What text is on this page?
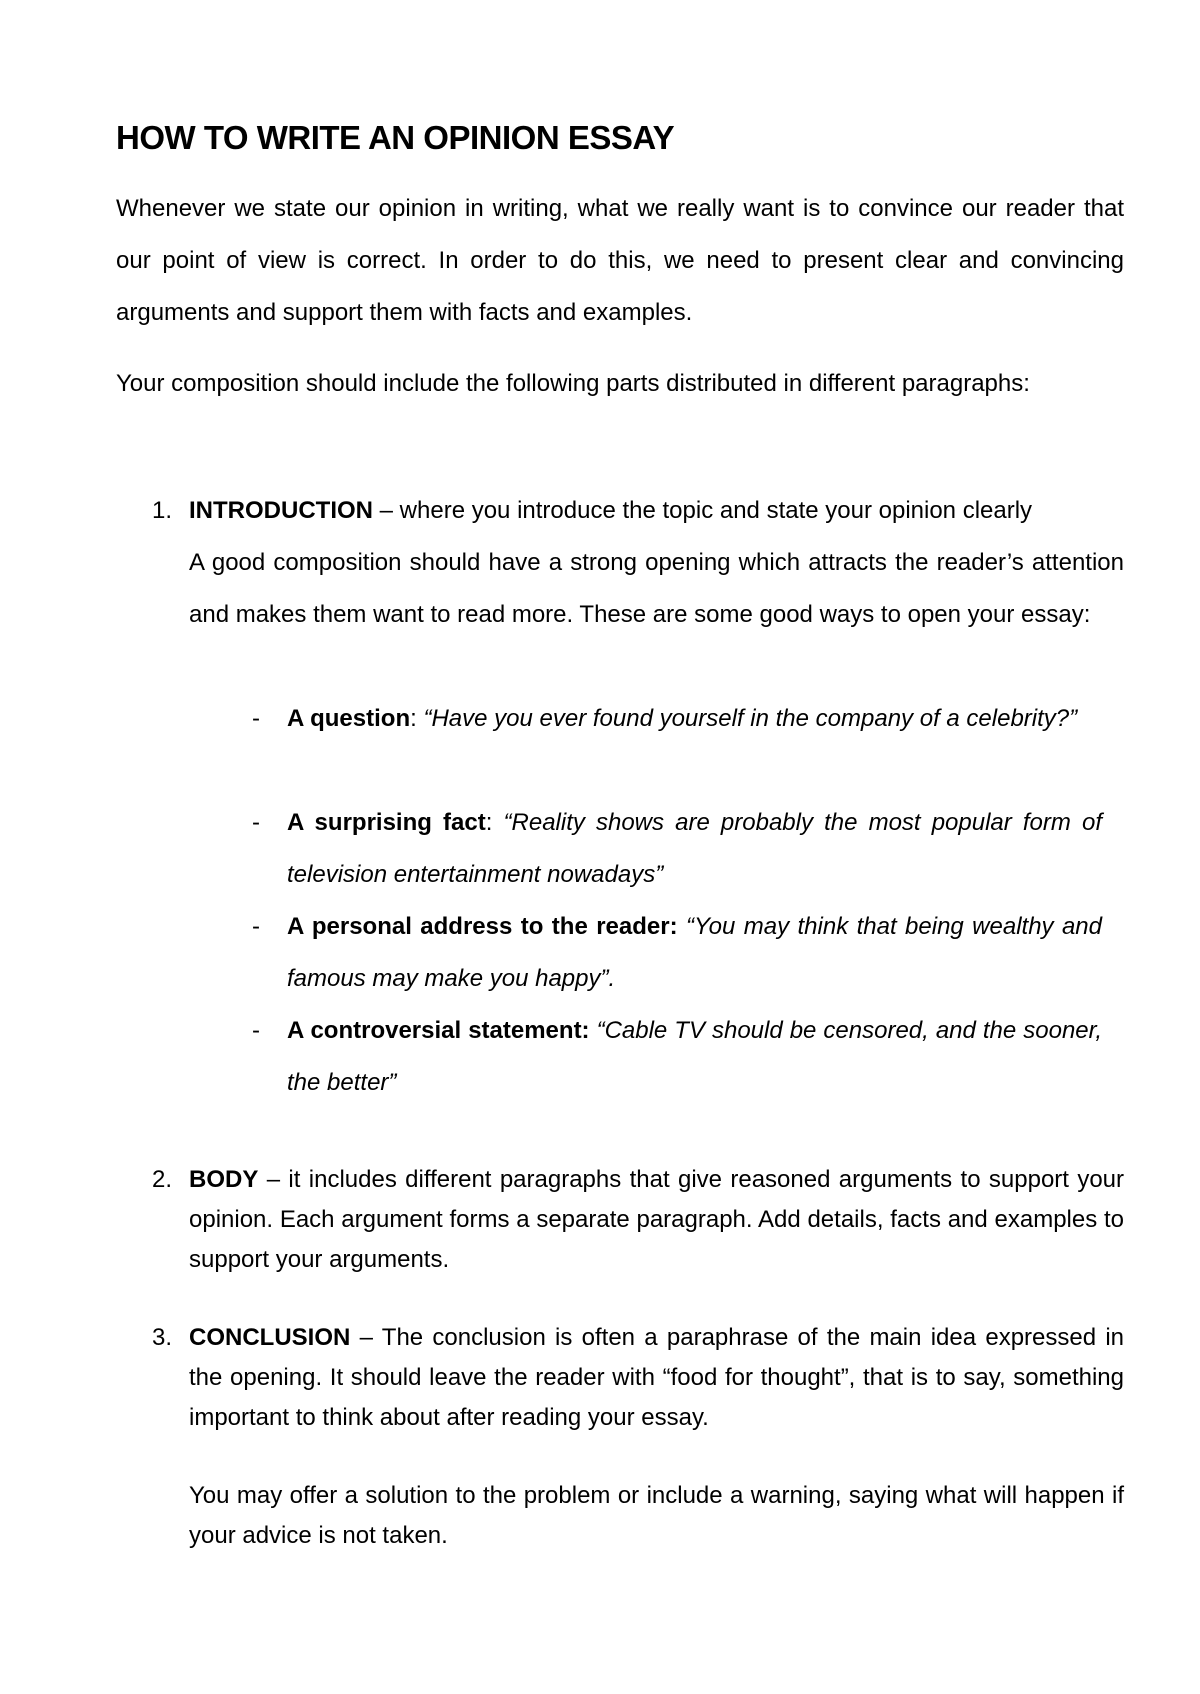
HOW TO WRITE AN OPINION ESSAY

Whenever we state our opinion in writing, what we really want is to convince our reader that our point of view is correct. In order to do this, we need to present clear and convincing arguments and support them with facts and examples.

Your composition should include the following parts distributed in different paragraphs:

1. INTRODUCTION – where you introduce the topic and state your opinion clearly
A good composition should have a strong opening which attracts the reader’s attention and makes them want to read more. These are some good ways to open your essay:
- A question: “Have you ever found yourself in the company of a celebrity?”

- A surprising fact: “Reality shows are probably the most popular form of television entertainment nowadays”

- A personal address to the reader: “You may think that being wealthy and famous may make you happy”.

- A controversial statement: “Cable TV should be censored, and the sooner, the better”

2. BODY – it includes different paragraphs that give reasoned arguments to support your opinion. Each argument forms a separate paragraph. Add details, facts and examples to support your arguments.
3. CONCLUSION – The conclusion is often a paraphrase of the main idea expressed in the opening. It should leave the reader with “food for thought”, that is to say, something important to think about after reading your essay.

You may offer a solution to the problem or include a warning, saying what will happen if your advice is not taken.
